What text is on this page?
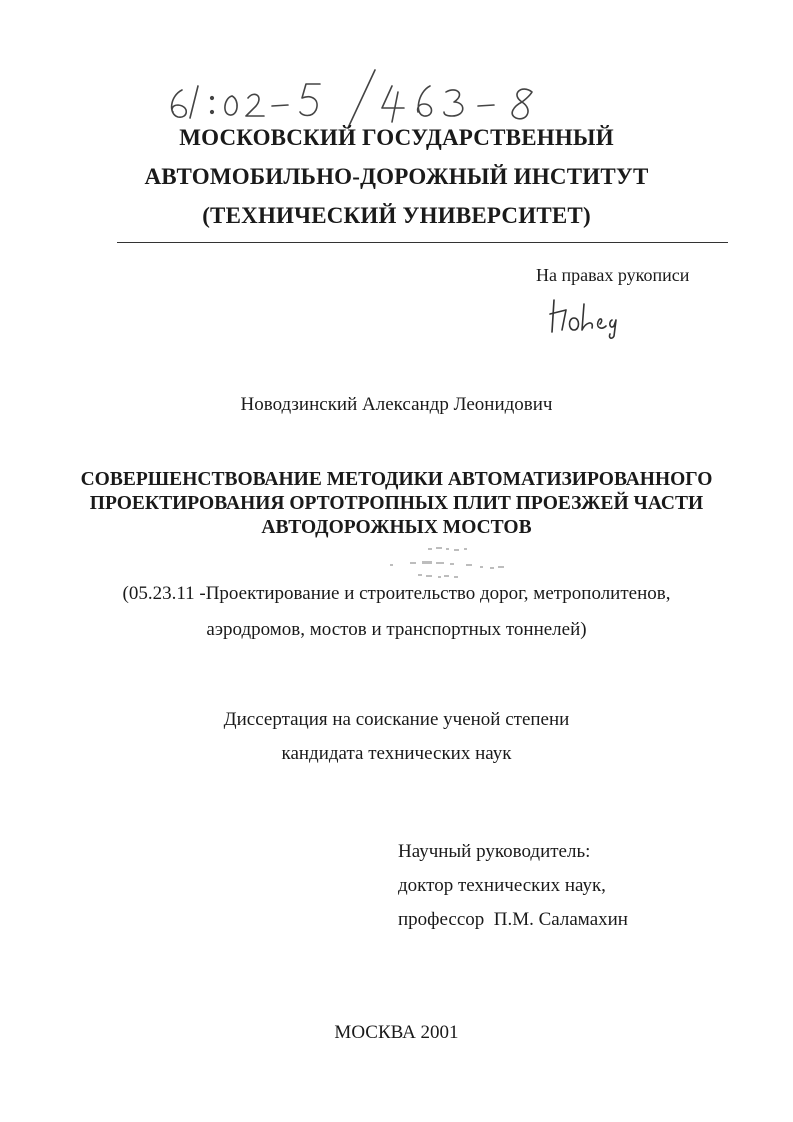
МОСКОВСКИЙ ГОСУДАРСТВЕННЫЙ
АВТОМОБИЛЬНО-ДОРОЖНЫЙ ИНСТИТУТ
(ТЕХНИЧЕСКИЙ УНИВЕРСИТЕТ)
На правах рукописи
Новодзинский Александр Леонидович
СОВЕРШЕНСТВОВАНИЕ МЕТОДИКИ АВТОМАТИЗИРОВАННОГО
ПРОЕКТИРОВАНИЯ ОРТОТРОПНЫХ ПЛИТ ПРОЕЗЖЕЙ ЧАСТИ
АВТОДОРОЖНЫХ МОСТОВ
(05.23.11 -Проектирование и строительство дорог, метрополитенов,
аэродромов, мостов и транспортных тоннелей)
Диссертация на соискание ученой степени
кандидата технических наук
Научный руководитель:
доктор технических наук,
профессор  П.М. Саламахин
МОСКВА 2001
